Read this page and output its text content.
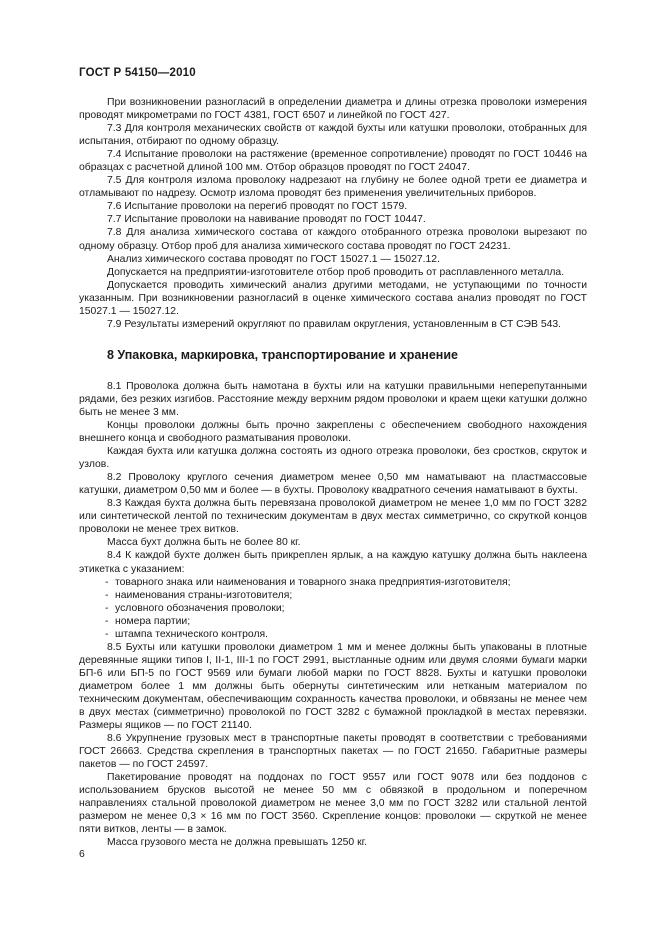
ГОСТ Р 54150—2010
При возникновении разногласий в определении диаметра и длины отрезка проволоки измерения проводят микрометрами по ГОСТ 4381, ГОСТ 6507 и линейкой по ГОСТ 427.
7.3 Для контроля механических свойств от каждой бухты или катушки проволоки, отобранных для испытания, отбирают по одному образцу.
7.4 Испытание проволоки на растяжение (временное сопротивление) проводят по ГОСТ 10446 на образцах с расчетной длиной 100 мм. Отбор образцов проводят по ГОСТ 24047.
7.5 Для контроля излома проволоку надрезают на глубину не более одной трети ее диаметра и отламывают по надрезу. Осмотр излома проводят без применения увеличительных приборов.
7.6 Испытание проволоки на перегиб проводят по ГОСТ 1579.
7.7 Испытание проволоки на навивание проводят по ГОСТ 10447.
7.8 Для анализа химического состава от каждого отобранного отрезка проволоки вырезают по одному образцу. Отбор проб для анализа химического состава проводят по ГОСТ 24231.
Анализ химического состава проводят по ГОСТ 15027.1 — 15027.12.
Допускается на предприятии-изготовителе отбор проб проводить от расплавленного металла.
Допускается проводить химический анализ другими методами, не уступающими по точности указанным. При возникновении разногласий в оценке химического состава анализ проводят по ГОСТ 15027.1 — 15027.12.
7.9 Результаты измерений округляют по правилам округления, установленным в СТ СЭВ 543.
8 Упаковка, маркировка, транспортирование и хранение
8.1 Проволока должна быть намотана в бухты или на катушки правильными неперепутанными рядами, без резких изгибов. Расстояние между верхним рядом проволоки и краем щеки катушки должно быть не менее 3 мм.
Концы проволоки должны быть прочно закреплены с обеспечением свободного нахождения внешнего конца и свободного разматывания проволоки.
Каждая бухта или катушка должна состоять из одного отрезка проволоки, без сростков, скруток и узлов.
8.2 Проволоку круглого сечения диаметром менее 0,50 мм наматывают на пластмассовые катушки, диаметром 0,50 мм и более — в бухты. Проволоку квадратного сечения наматывают в бухты.
8.3 Каждая бухта должна быть перевязана проволокой диаметром не менее 1,0 мм по ГОСТ 3282 или синтетической лентой по техническим документам в двух местах симметрично, со скруткой концов проволоки не менее трех витков.
Масса бухт должна быть не более 80 кг.
8.4 К каждой бухте должен быть прикреплен ярлык, а на каждую катушку должна быть наклеена этикетка с указанием:
- товарного знака или наименования и товарного знака предприятия-изготовителя;
- наименования страны-изготовителя;
- условного обозначения проволоки;
- номера партии;
- штампа технического контроля.
8.5 Бухты или катушки проволоки диаметром 1 мм и менее должны быть упакованы в плотные деревянные ящики типов I, II-1, III-1 по ГОСТ 2991, выстланные одним или двумя слоями бумаги марки БП-6 или БП-5 по ГОСТ 9569 или бумаги любой марки по ГОСТ 8828. Бухты и катушки проволоки диаметром более 1 мм должны быть обернуты синтетическим или нетканым материалом по техническим документам, обеспечивающим сохранность качества проволоки, и обвязаны не менее чем в двух местах (симметрично) проволокой по ГОСТ 3282 с бумажной прокладкой в местах перевязки. Размеры ящиков — по ГОСТ 21140.
8.6 Укрупнение грузовых мест в транспортные пакеты проводят в соответствии с требованиями ГОСТ 26663. Средства скрепления в транспортных пакетах — по ГОСТ 21650. Габаритные размеры пакетов — по ГОСТ 24597.
Пакетирование проводят на поддонах по ГОСТ 9557 или ГОСТ 9078 или без поддонов с использованием брусков высотой не менее 50 мм с обвязкой в продольном и поперечном направлениях стальной проволокой диаметром не менее 3,0 мм по ГОСТ 3282 или стальной лентой размером не менее 0,3 × 16 мм по ГОСТ 3560. Скрепление концов: проволоки — скруткой не менее пяти витков, ленты — в замок.
Масса грузового места не должна превышать 1250 кг.
6
